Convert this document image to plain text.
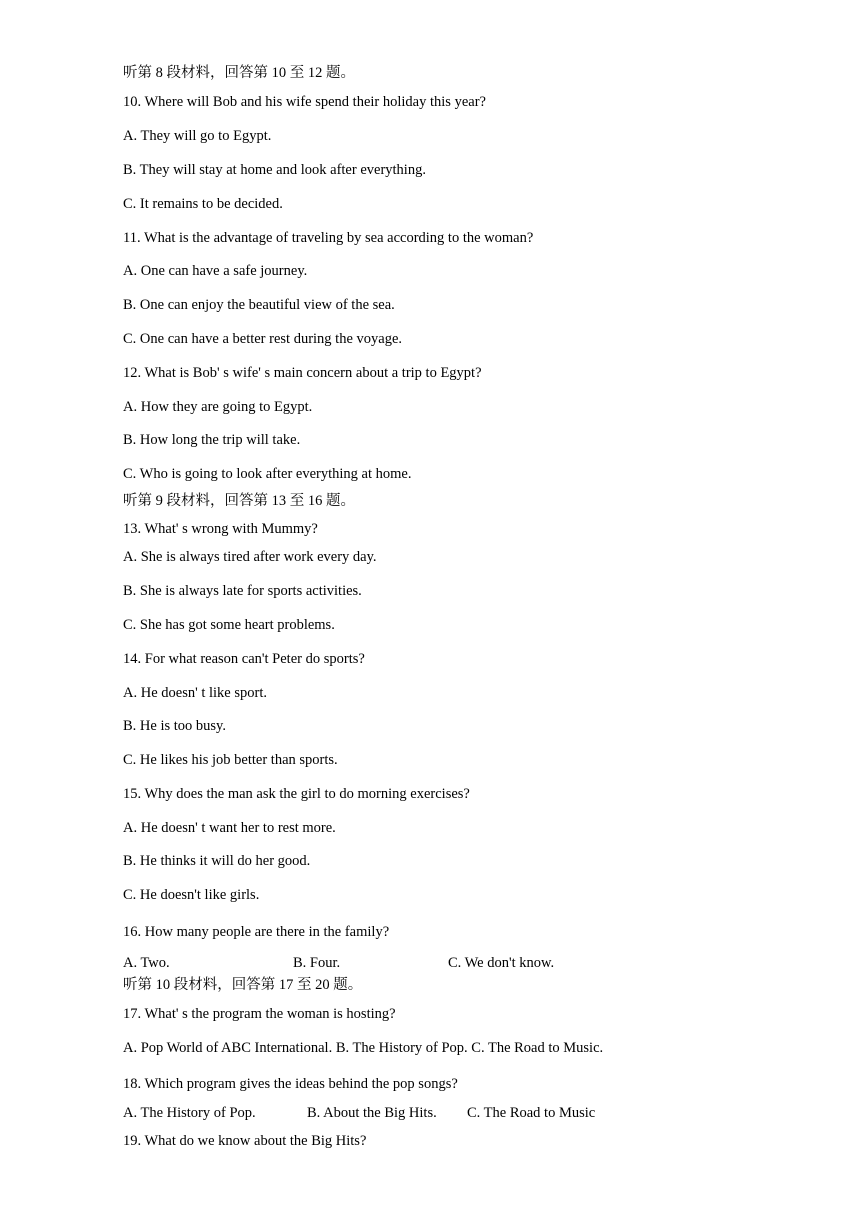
听第 8 段材料，回答第 10 至 12 题。
10. Where will Bob and his wife spend their holiday this year?
A. They will go to Egypt.
B. They will stay at home and look after everything.
C. It remains to be decided.
11. What is the advantage of traveling by sea according to the woman?
A. One can have a safe journey.
B. One can enjoy the beautiful view of the sea.
C. One can have a better rest during the voyage.
12. What is Bob' s wife' s main concern about a trip to Egypt?
A. How they are going to Egypt.
B. How long the trip will take.
C. Who is going to look after everything at home.
听第 9 段材料，回答第 13 至 16 题。
13. What' s wrong with Mummy?
A. She is always tired after work every day.
B. She is always late for sports activities.
C. She has got some heart problems.
14. For what reason can't Peter do sports?
A. He doesn' t like sport.
B. He is too busy.
C. He likes his job better than sports.
15. Why does the man ask the girl to do morning exercises?
A. He doesn' t want her to rest more.
B. He thinks it will do her good.
C. He doesn't like girls.
16. How many people are there in the family?
A. Two.	B. Four.	C. We don't know.
听第 10 段材料，回答第 17 至 20 题。
17. What' s the program the woman is hosting?
A. Pop World of ABC International. B. The History of Pop. C. The Road to Music.
18. Which program gives the ideas behind the pop songs?
A. The History of Pop.	B. About the Big Hits. C. The Road to Music
19. What do we know about the Big Hits?
